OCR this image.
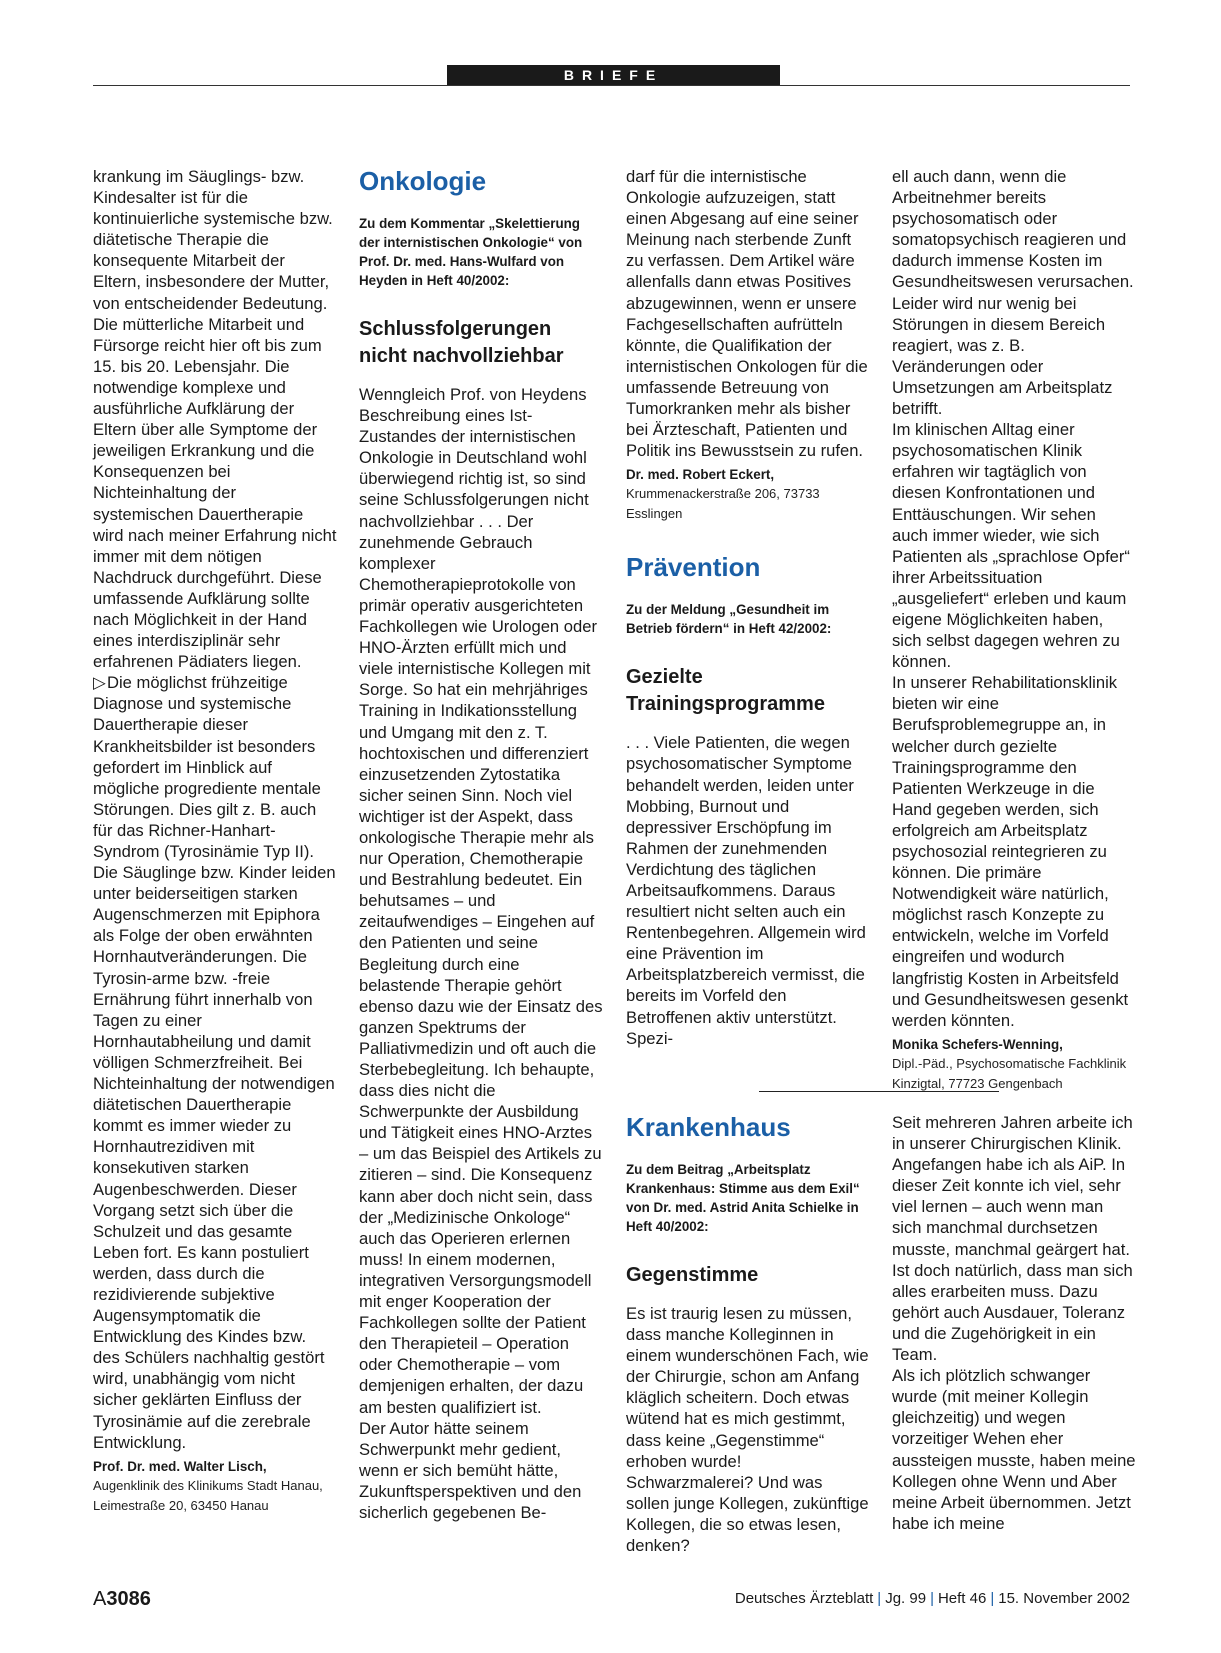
BRIEFE

krankung im Säuglings- bzw. Kindesalter ist für die kontinuierliche systemische bzw. diätetische Therapie die konsequente Mitarbeit der Eltern, insbesondere der Mutter, von entscheidender Bedeutung. Die mütterliche Mitarbeit und Fürsorge reicht hier oft bis zum 15. bis 20. Lebensjahr. Die notwendige komplexe und ausführliche Aufklärung der Eltern über alle Symptome der jeweiligen Erkrankung und die Konsequenzen bei Nichteinhaltung der systemischen Dauertherapie wird nach meiner Erfahrung nicht immer mit dem nötigen Nachdruck durchgeführt. Diese umfassende Aufklärung sollte nach Möglichkeit in der Hand eines interdisziplinär sehr erfahrenen Pädiaters liegen.

▷Die möglichst frühzeitige Diagnose und systemische Dauertherapie dieser Krankheitsbilder ist besonders gefordert im Hinblick auf mögliche progrediente mentale Störungen. Dies gilt z. B. auch für das Richner-Hanhart-Syndrom (Tyrosinämie Typ II). Die Säuglinge bzw. Kinder leiden unter beiderseitigen starken Augenschmerzen mit Epiphora als Folge der oben erwähnten Hornhautveränderungen. Die Tyrosin-arme bzw. -freie Ernährung führt innerhalb von Tagen zu einer Hornhautabheilung und damit völligen Schmerzfreiheit. Bei Nichteinhaltung der notwendigen diätetischen Dauertherapie kommt es immer wieder zu Hornhautrezidiven mit konsekutiven starken Augenbeschwerden. Dieser Vorgang setzt sich über die Schulzeit und das gesamte Leben fort. Es kann postuliert werden, dass durch die rezidivierende subjektive Augensymptomatik die Entwicklung des Kindes bzw. des Schülers nachhaltig gestört wird, unabhängig vom nicht sicher geklärten Einfluss der Tyrosinämie auf die zerebrale Entwicklung.

Prof. Dr. med. Walter Lisch,
Augenklinik des Klinikums Stadt Hanau, Leimestraße 20, 63450 Hanau
Onkologie
Zu dem Kommentar „Skelettierung der internistischen Onkologie“ von Prof. Dr. med. Hans-Wulfard von Heyden in Heft 40/2002:
Schlussfolgerungen nicht nachvollziehbar

Wenngleich Prof. von Heydens Beschreibung eines Ist-Zustandes der internistischen Onkologie in Deutschland wohl überwiegend richtig ist, so sind seine Schlussfolgerungen nicht nachvollziehbar . . . Der zunehmende Gebrauch komplexer Chemotherapieprotokolle von primär operativ ausgerichteten Fachkollegen wie Urologen oder HNO-Ärzten erfüllt mich und viele internistische Kollegen mit Sorge. So hat ein mehrjähriges Training in Indikationsstellung und Umgang mit den z. T. hochtoxischen und differenziert einzusetzenden Zytostatika sicher seinen Sinn. Noch viel wichtiger ist der Aspekt, dass onkologische Therapie mehr als nur Operation, Chemotherapie und Bestrahlung bedeutet. Ein behutsames – und zeitaufwendiges – Eingehen auf den Patienten und seine Begleitung durch eine belastende Therapie gehört ebenso dazu wie der Einsatz des ganzen Spektrums der Palliativmedizin und oft auch die Sterbebegleitung. Ich behaupte, dass dies nicht die Schwerpunkte der Ausbildung und Tätigkeit eines HNO-Arztes – um das Beispiel des Artikels zu zitieren – sind. Die Konsequenz kann aber doch nicht sein, dass der „Medizinische Onkologe“ auch das Operieren erlernen muss! In einem modernen, integrativen Versorgungsmodell mit enger Kooperation der Fachkollegen sollte der Patient den Therapieteil – Operation oder Chemotherapie – vom demjenigen erhalten, der dazu am besten qualifiziert ist.

Der Autor hätte seinem Schwerpunkt mehr gedient, wenn er sich bemüht hätte, Zukunftsperspektiven und den sicherlich gegebenen Be-

darf für die internistische Onkologie aufzuzeigen, statt einen Abgesang auf eine seiner Meinung nach sterbende Zunft zu verfassen. Dem Artikel wäre allenfalls dann etwas Positives abzugewinnen, wenn er unsere Fachgesellschaften aufrütteln könnte, die Qualifikation der internistischen Onkologen für die umfassende Betreuung von Tumorkranken mehr als bisher bei Ärzteschaft, Patienten und Politik ins Bewusstsein zu rufen.

Dr. med. Robert Eckert,
Krummenackerstraße 206, 73733 Esslingen
Prävention
Zu der Meldung „Gesundheit im Betrieb fördern“ in Heft 42/2002:
Gezielte Trainingsprogramme

. . . Viele Patienten, die wegen psychosomatischer Symptome behandelt werden, leiden unter Mobbing, Burnout und depressiver Erschöpfung im Rahmen der zunehmenden Verdichtung des täglichen Arbeitsaufkommens. Daraus resultiert nicht selten auch ein Rentenbegehren. Allgemein wird eine Prävention im Arbeitsplatzbereich vermisst, die bereits im Vorfeld den Betroffenen aktiv unterstützt. Spezi-

ell auch dann, wenn die Arbeitnehmer bereits psychosomatisch oder somatopsychisch reagieren und dadurch immense Kosten im Gesundheitswesen verursachen. Leider wird nur wenig bei Störungen in diesem Bereich reagiert, was z. B. Veränderungen oder Umsetzungen am Arbeitsplatz betrifft.

Im klinischen Alltag einer psychosomatischen Klinik erfahren wir tagtäglich von diesen Konfrontationen und Enttäuschungen. Wir sehen auch immer wieder, wie sich Patienten als „sprachlose Opfer“ ihrer Arbeitssituation „ausgeliefert“ erleben und kaum eigene Möglichkeiten haben, sich selbst dagegen wehren zu können.

In unserer Rehabilitationsklinik bieten wir eine Berufsproblemegruppe an, in welcher durch gezielte Trainingsprogramme den Patienten Werkzeuge in die Hand gegeben werden, sich erfolgreich am Arbeitsplatz psychosozial reintegrieren zu können. Die primäre Notwendigkeit wäre natürlich, möglichst rasch Konzepte zu entwickeln, welche im Vorfeld eingreifen und wodurch langfristig Kosten in Arbeitsfeld und Gesundheitswesen gesenkt werden könnten.

Monika Schefers-Wenning,
Dipl.-Päd., Psychosomatische Fachklinik Kinzigtal, 77723 Gengenbach
Krankenhaus
Zu dem Beitrag „Arbeitsplatz Krankenhaus: Stimme aus dem Exil“ von Dr. med. Astrid Anita Schielke in Heft 40/2002:
Gegenstimme

Es ist traurig lesen zu müssen, dass manche Kolleginnen in einem wunderschönen Fach, wie der Chirurgie, schon am Anfang kläglich scheitern. Doch etwas wütend hat es mich gestimmt, dass keine „Gegenstimme“ erhoben wurde! Schwarzmalerei? Und was sollen junge Kollegen, zukünftige Kollegen, die so etwas lesen, denken?

Seit mehreren Jahren arbeite ich in unserer Chirurgischen Klinik. Angefangen habe ich als AiP. In dieser Zeit konnte ich viel, sehr viel lernen – auch wenn man sich manchmal durchsetzen musste, manchmal geärgert hat. Ist doch natürlich, dass man sich alles erarbeiten muss. Dazu gehört auch Ausdauer, Toleranz und die Zugehörigkeit in ein Team.

Als ich plötzlich schwanger wurde (mit meiner Kollegin gleichzeitig) und wegen vorzeitiger Wehen eher aussteigen musste, haben meine Kollegen ohne Wenn und Aber meine Arbeit übernommen. Jetzt habe ich meine

A3086	Deutsches Ärzteblatt | Jg. 99 | Heft 46 | 15. November 2002
